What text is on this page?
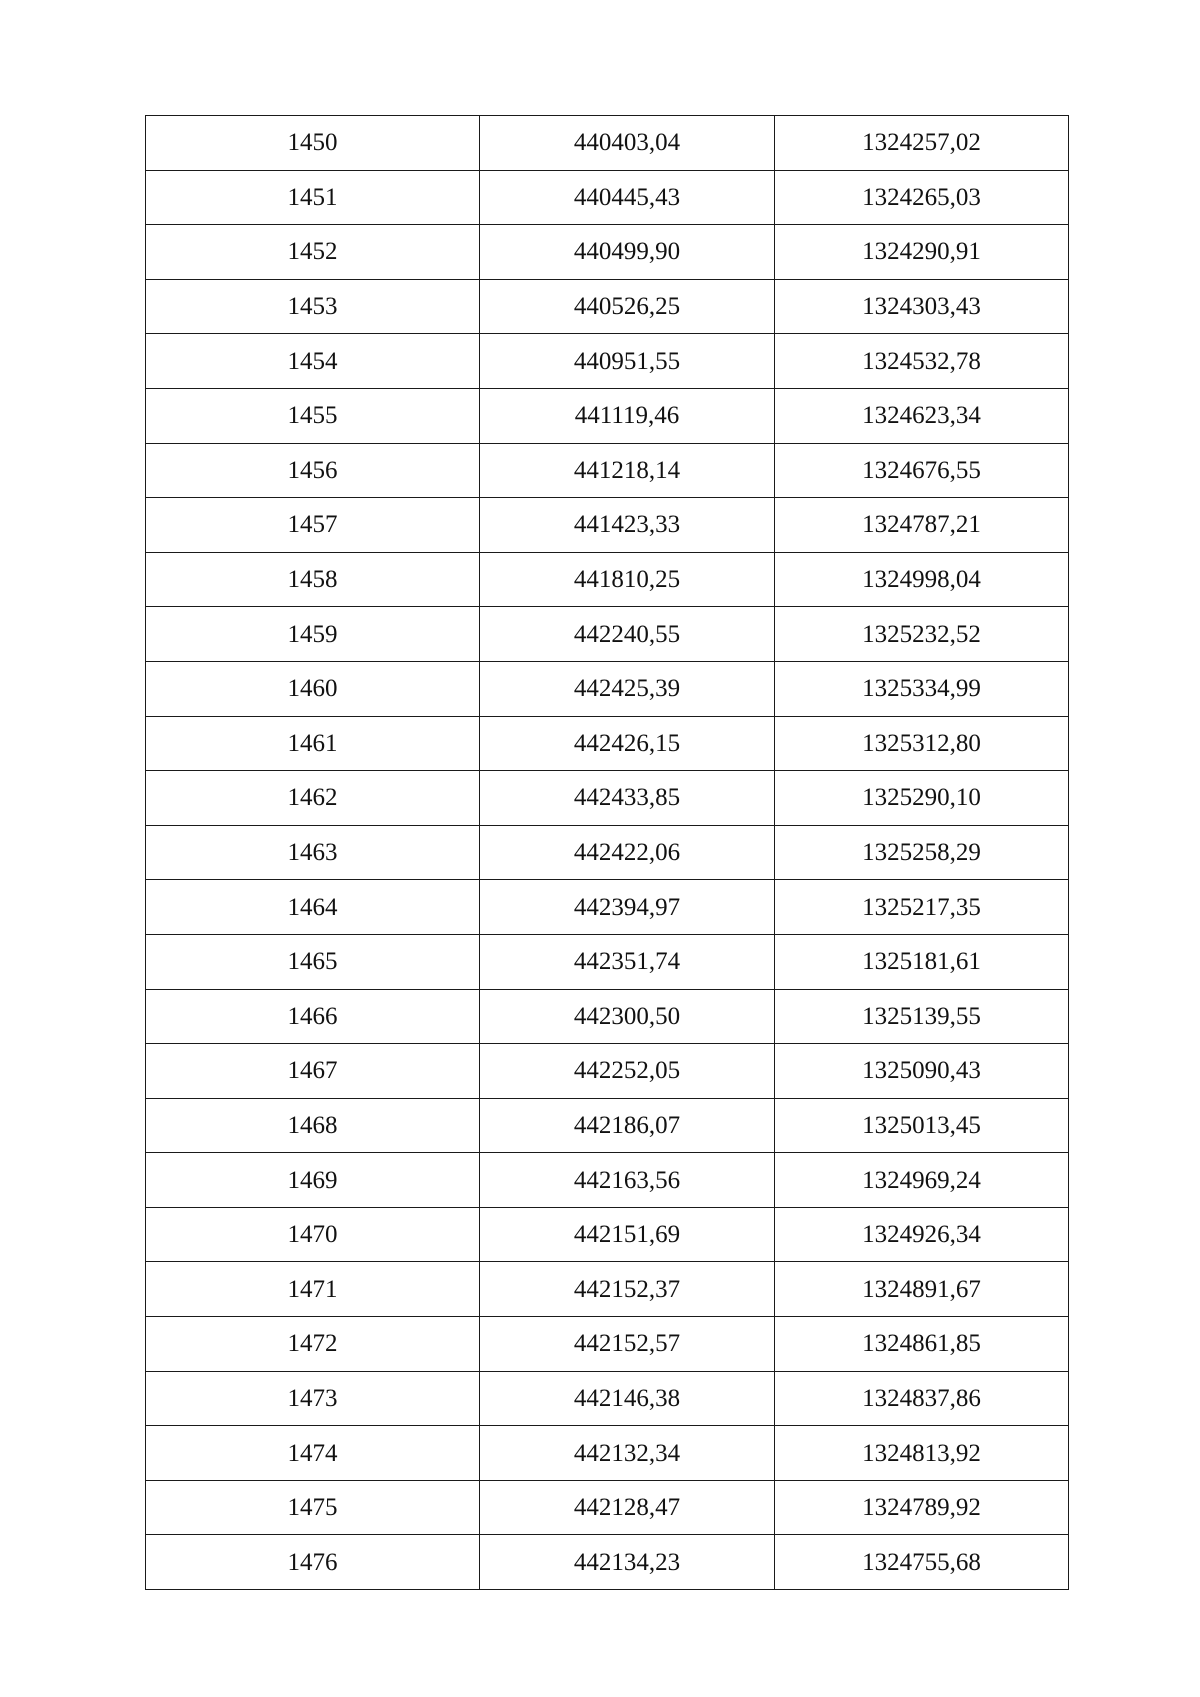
1450	440403,04	1324257,02
1451	440445,43	1324265,03
1452	440499,90	1324290,91
1453	440526,25	1324303,43
1454	440951,55	1324532,78
1455	441119,46	1324623,34
1456	441218,14	1324676,55
1457	441423,33	1324787,21
1458	441810,25	1324998,04
1459	442240,55	1325232,52
1460	442425,39	1325334,99
1461	442426,15	1325312,80
1462	442433,85	1325290,10
1463	442422,06	1325258,29
1464	442394,97	1325217,35
1465	442351,74	1325181,61
1466	442300,50	1325139,55
1467	442252,05	1325090,43
1468	442186,07	1325013,45
1469	442163,56	1324969,24
1470	442151,69	1324926,34
1471	442152,37	1324891,67
1472	442152,57	1324861,85
1473	442146,38	1324837,86
1474	442132,34	1324813,92
1475	442128,47	1324789,92
1476	442134,23	1324755,68
